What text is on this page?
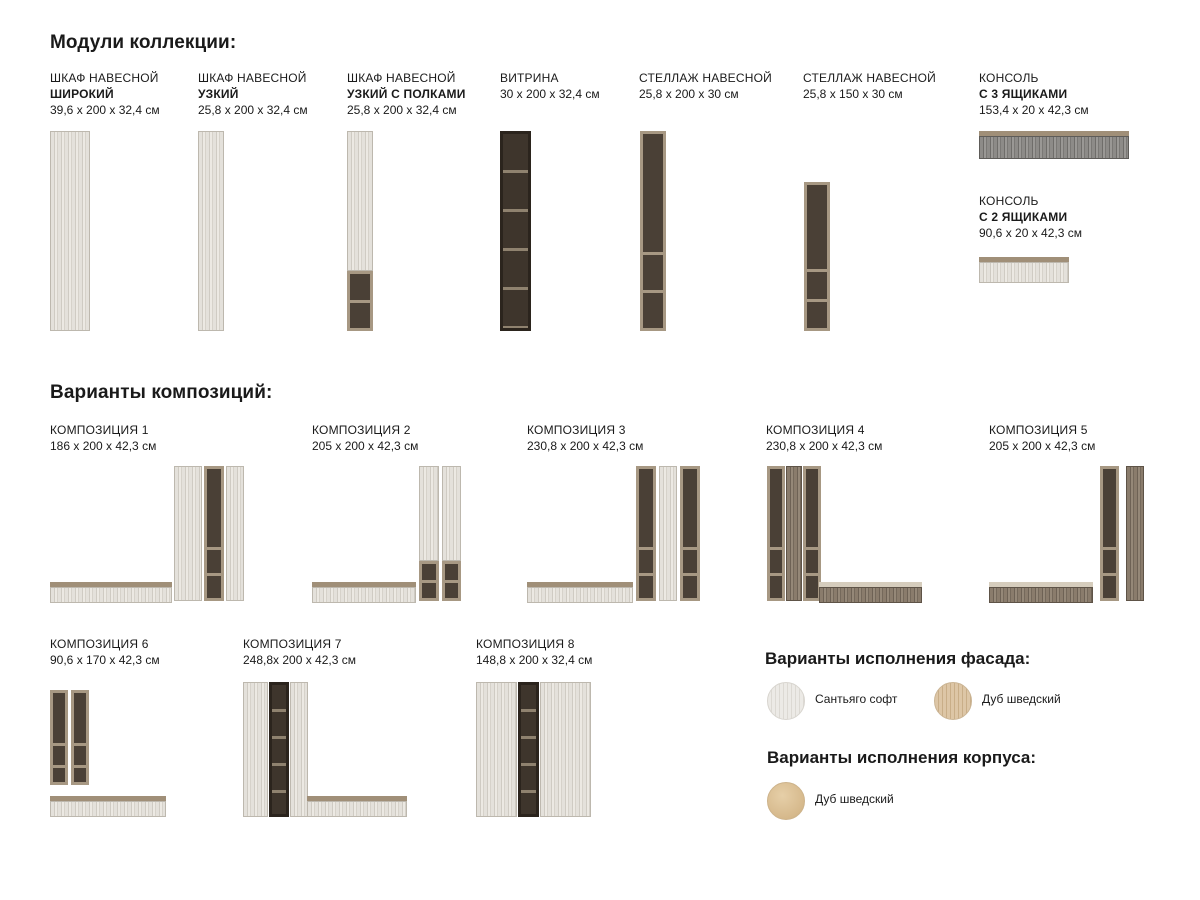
Модули коллекции:
ШКАФ НАВЕСНОЙ
ШИРОКИЙ
39,6 х 200 х 32,4 см
ШКАФ НАВЕСНОЙ
УЗКИЙ
25,8 х 200 х 32,4 см
ШКАФ НАВЕСНОЙ
УЗКИЙ С ПОЛКАМИ
25,8 х 200 х 32,4 см
ВИТРИНА
30 х 200 х 32,4 см
СТЕЛЛАЖ НАВЕСНОЙ
25,8 х 200 х 30 см
СТЕЛЛАЖ НАВЕСНОЙ
25,8 х 150 х 30 см
КОНСОЛЬ
С 3 ЯЩИКАМИ
153,4 х 20 х 42,3 см
КОНСОЛЬ
С 2 ЯЩИКАМИ
90,6 х 20 х 42,3 см
Варианты композиций:
КОМПОЗИЦИЯ 1
186 х 200 х 42,3 см
КОМПОЗИЦИЯ 2
205 х 200 х 42,3 см
КОМПОЗИЦИЯ 3
230,8 х 200 х 42,3 см
КОМПОЗИЦИЯ 4
230,8 х 200 х 42,3 см
КОМПОЗИЦИЯ 5
205 х 200 х 42,3 см
КОМПОЗИЦИЯ 6
90,6 х 170 х 42,3 см
КОМПОЗИЦИЯ 7
248,8х 200 х 42,3 см
КОМПОЗИЦИЯ 8
148,8 х 200 х 32,4 см	Варианты исполнения фасада:
Сантьяго софт	Дуб шведский
Варианты исполнения корпуса:
Дуб шведский
